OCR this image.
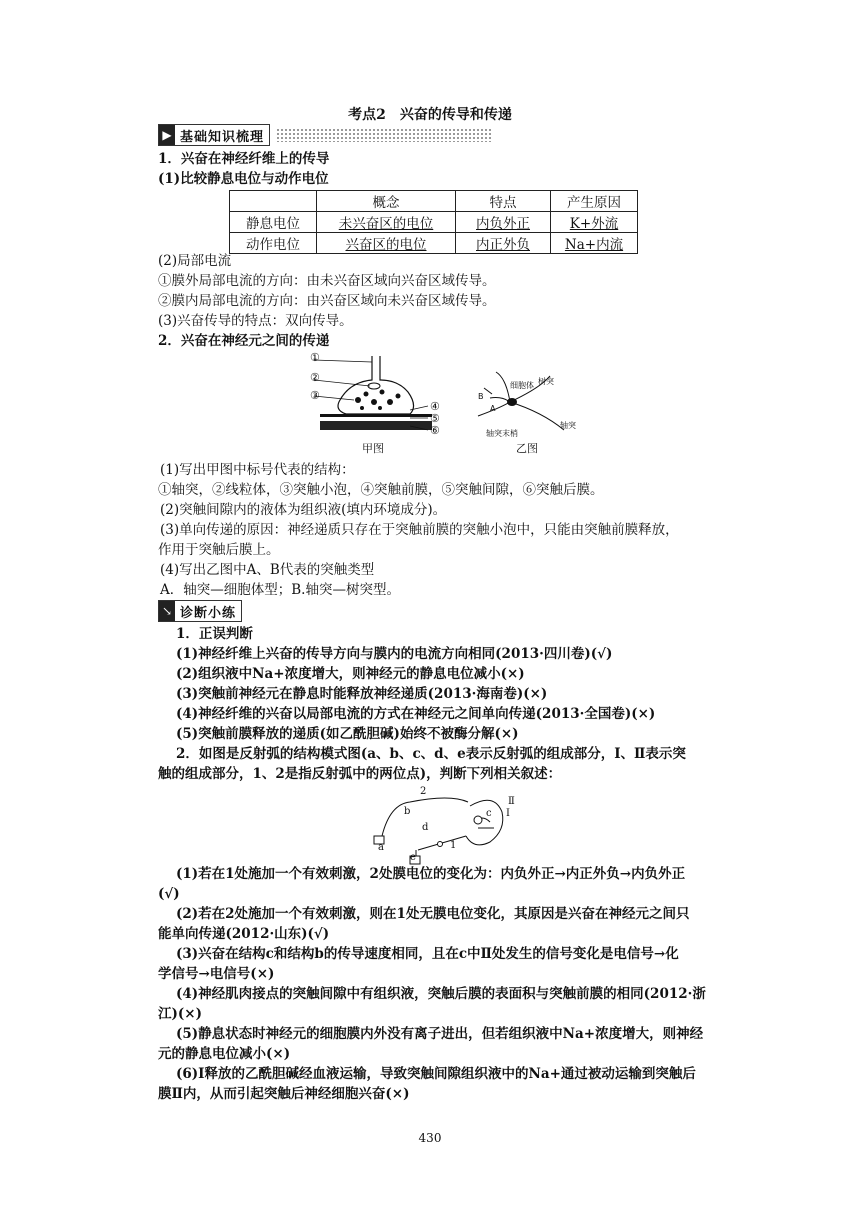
考点2　兴奋的传导和传递
▶ 基础知识梳理
1．兴奋在神经纤维上的传导
(1)比较静息电位与动作电位
	概念	特点	产生原因
静息电位	未兴奋区的电位	内负外正	K+外流
动作电位	兴奋区的电位	内正外负	Na+内流
(2)局部电流
①膜外局部电流的方向：由未兴奋区域向兴奋区域传导。
②膜内局部电流的方向：由兴奋区域向未兴奋区域传导。
(3)兴奋传导的特点：双向传导。
2．兴奋在神经元之间的传递
①
②
③
④
⑤
⑥
甲图
细胞体 树突
轴突
轴突末梢
B
A
乙图
(1)写出甲图中标号代表的结构：
①轴突，②线粒体，③突触小泡，④突触前膜，⑤突触间隙，⑥突触后膜。
(2)突触间隙内的液体为组织液(填内环境成分)。
(3)单向传递的原因：神经递质只存在于突触前膜的突触小泡中，只能由突触前膜释放，
作用于突触后膜上。
(4)写出乙图中A、B代表的突触类型
A．轴突—细胞体型；B.轴突—树突型。
↘ 诊断小练
1．正误判断
(1)神经纤维上兴奋的传导方向与膜内的电流方向相同(2013·四川卷)(√)
(2)组织液中Na+浓度增大，则神经元的静息电位减小(×)
(3)突触前神经元在静息时能释放神经递质(2013·海南卷)(×)
(4)神经纤维的兴奋以局部电流的方式在神经元之间单向传递(2013·全国卷)(×)
(5)突触前膜释放的递质(如乙酰胆碱)始终不被酶分解(×)
2．如图是反射弧的结构模式图(a、b、c、d、e表示反射弧的组成部分，Ⅰ、Ⅱ表示突
触的组成部分，1、2是指反射弧中的两位点)，判断下列相关叙述：
2
b
Ⅱ
Ⅰ
c
d
a	1
e
(1)若在1处施加一个有效刺激，2处膜电位的变化为：内负外正→内正外负→内负外正
(√)
(2)若在2处施加一个有效刺激，则在1处无膜电位变化，其原因是兴奋在神经元之间只
能单向传递(2012·山东)(√)
(3)兴奋在结构c和结构b的传导速度相同，且在c中Ⅱ处发生的信号变化是电信号→化
学信号→电信号(×)
(4)神经肌肉接点的突触间隙中有组织液，突触后膜的表面积与突触前膜的相同(2012·浙
江)(×)
(5)静息状态时神经元的细胞膜内外没有离子进出，但若组织液中Na+浓度增大，则神经
元的静息电位减小(×)
(6)Ⅰ释放的乙酰胆碱经血液运输，导致突触间隙组织液中的Na+通过被动运输到突触后
膜Ⅱ内，从而引起突触后神经细胞兴奋(×)
430
